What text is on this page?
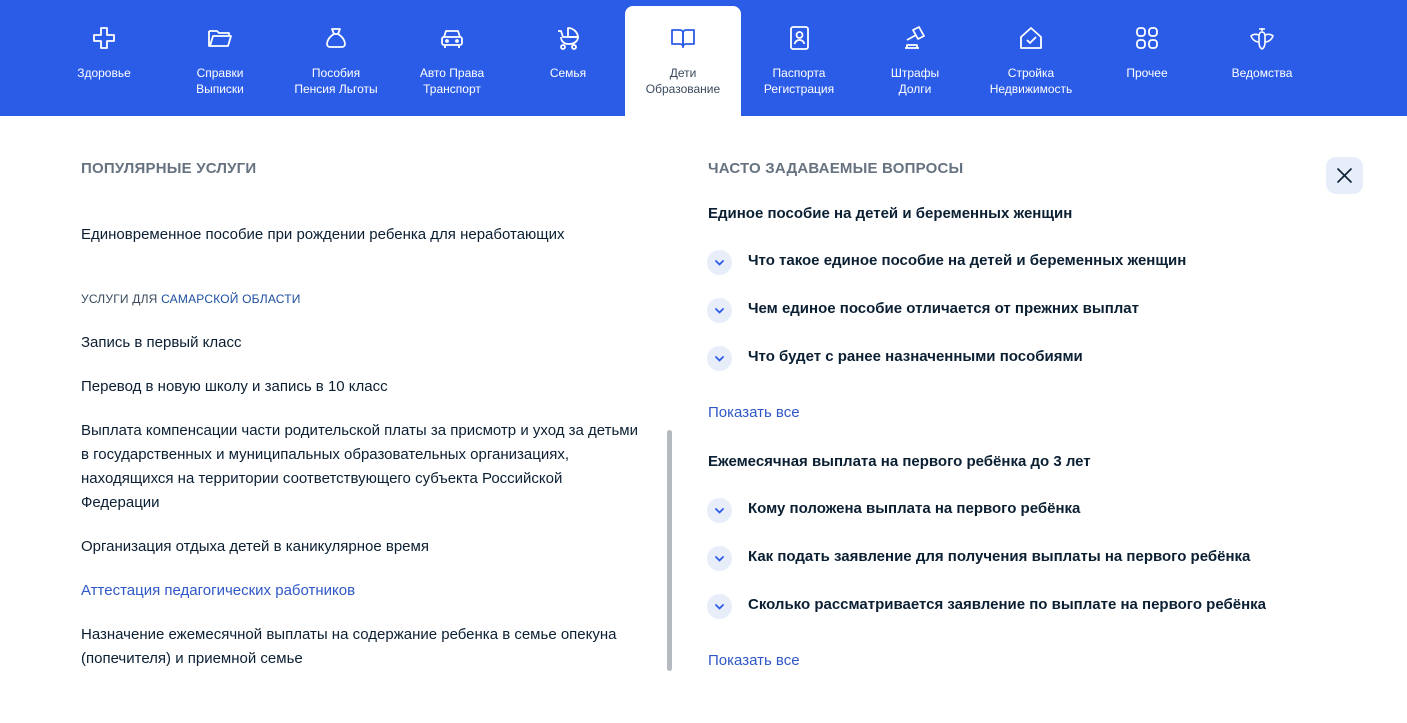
Здоровье	Справки
Выписки
Пособия
Пенсия Льготы
Авто Права
Транспорт
Семья	Дети
Образование
Паспорта
Регистрация
Штрафы
Долги
Стройка
Недвижимость
Прочее	Ведомства
ПОПУЛЯРНЫЕ УСЛУГИ
Единовременное пособие при рождении ребенка для неработающих
УСЛУГИ ДЛЯ САМАРСКОЙ ОБЛАСТИ
Запись в первый класс
Перевод в новую школу и запись в 10 класс
Выплата компенсации части родительской платы за присмотр и уход за детьми в государственных и муниципальных образовательных организациях, находящихся на территории соответствующего субъекта Российской Федерации
Организация отдыха детей в каникулярное время
Аттестация педагогических работников
Назначение ежемесячной выплаты на содержание ребенка в семье опекуна (попечителя) и приемной семье
ЧАСТО ЗАДАВАЕМЫЕ ВОПРОСЫ
Единое пособие на детей и беременных женщин
Что такое единое пособие на детей и беременных женщин
Чем единое пособие отличается от прежних выплат
Что будет с ранее назначенными пособиями
Показать все
Ежемесячная выплата на первого ребёнка до 3 лет
Кому положена выплата на первого ребёнка
Как подать заявление для получения выплаты на первого ребёнка
Сколько рассматривается заявление по выплате на первого ребёнка
Показать все
